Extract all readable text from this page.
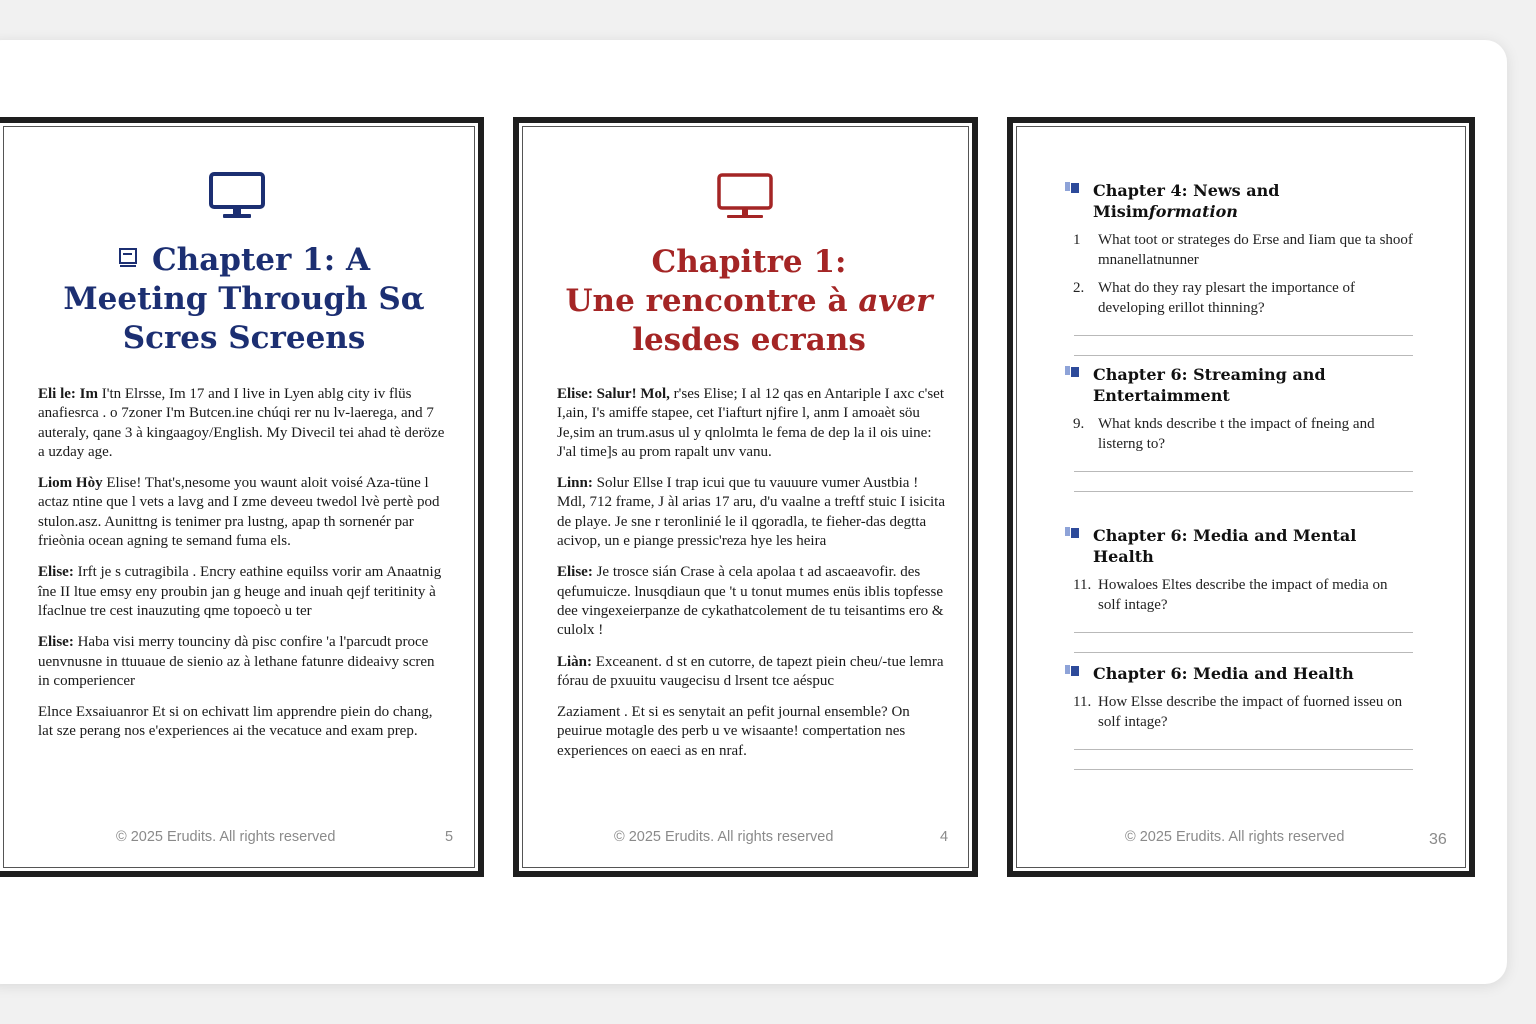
Chapter 1: A
Meeting Through Sα
Scres Screens

Eli le: Im I'tn Elrsse, Im 17 and I live in Lyen ablg city iv flüs anafiesrca . o 7zoner I'm Butcen.ine chúqi rer nu lv-laerega, and 7 auteraly, qane 3 à kingaagoy/English. My Divecil tei ahad tè deröze a uzday age.

Liom Hòy Elise! That's,nesome you waunt aloit voisé Aza-tüne l actaz ntine que l vets a lavg and I zme deveeu twedol lvè pertè pod stulon.asz. Aunittng is tenimer pra lustng, apap th sornenér par frieònia ocean agning te semand fuma els.

Elise: Irft je s cutragibila . Encry eathine equilss vorir am Anaatnig îne II ltue emsy eny proubin jan g heuge and inuah qejf teritinity à lfaclnue tre cest inauzuting qme topoecò u ter

Elise: Haba visi merry tounciny dà pisc confire 'a l'parcudt proce uenvnusne in ttuuaue de sienio az à lethane fatunre dideaivy scren in comperiencer

Elnce Exsaiuanror Et si on echivatt lim apprendre piein do chang, lat sze perang nos e'experiences ai the vecatuce and exam prep.

© 2025 Erudits. All rights reserved	5
Chapitre 1:
Une rencontre à aver
lesdes ecrans

Elise: Salur! Mol, r'ses Elise; I al 12 qas en Antariple I axc c'set I,ain, I's amiffe stapee, cet I'iafturt njfire l, anm I amoaèt söu Je,sim an trum.asus ul y qnlolmta le fema de dep la il ois uine: J'al time]s au prom rapalt unv vanu.

Linn: Solur Ellse I trap icui que tu vauuure vumer Austbia ! Mdl, 712 frame, J àl arias 17 aru, d'u vaalne a treftf stuic I isicita de playe. Je sne r teronlinié le il qgoradla, te fieher-das degtta acivop, un e piange pressic'reza hye les heira

Elise: Je trosce sián Crase à cela apolaa t ad ascaeavofir. des qefumuicze. lnusqdiaun que 't u tonut mumes enüs iblis topfesse dee vingexeierpanze de cykathatcolement de tu teisantims ero & culolx !

Liàn: Exceanent. d st en cutorre, de tapezt piein cheu/-tue lemra fórau de pxuuitu vaugecisu d lrsent tce aéspuc

Zaziament . Et si es senytait an pefit journal ensemble? On peuirue motagle des perb u ve wisaante! compertation nes experiences on eaeci as en nraf.

© 2025 Erudits. All rights reserved	4
Chapter 4: News and Misimformation
1 What toot or strateges do Erse and Iiam que ta shoof mnanellatnunner
2. What do they ray plesart the importance of developing erillot thinning?
Chapter 6: Streaming and Entertaimment
9. What knds describe t the impact of fneing and listerng to?
Chapter 6: Media and Mental Health
11. Howaloes Eltes describe the impact of media on solf intage?
Chapter 6: Media and Health
11. How Elsse describe the impact of fuorned isseu on solf intage?
© 2025 Erudits. All rights reserved	36
